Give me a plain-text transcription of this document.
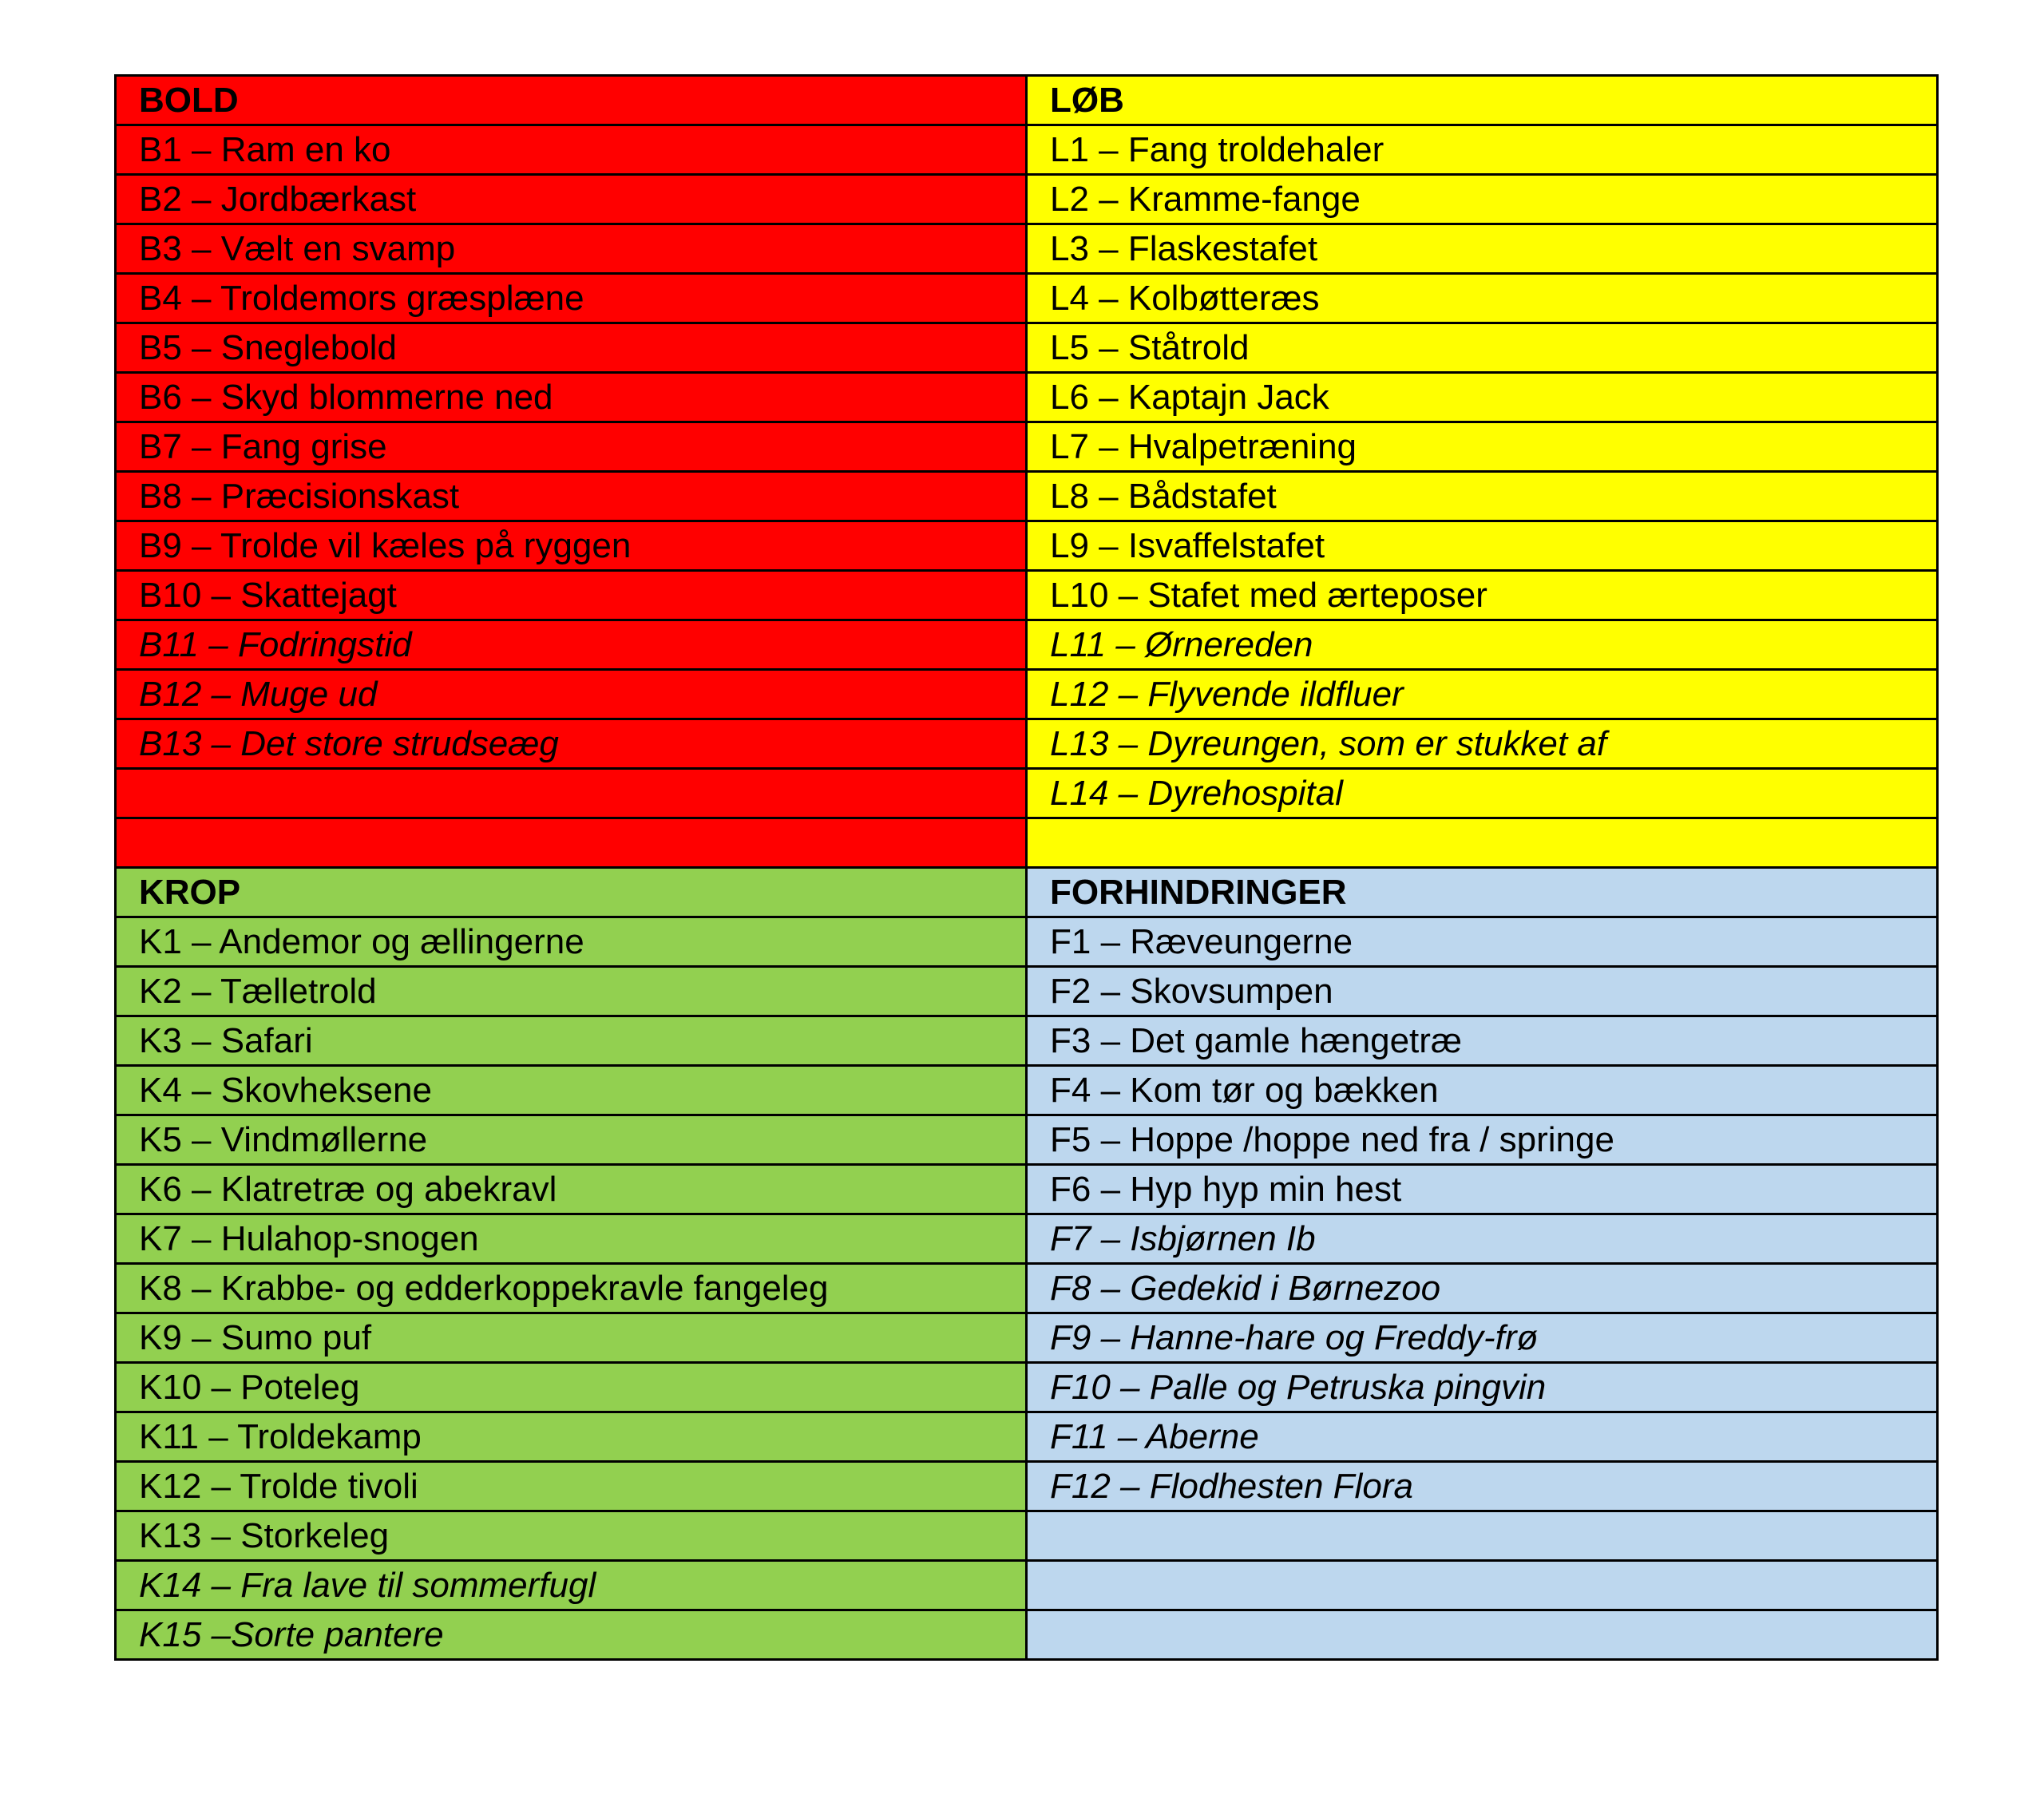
BOLD	LØB
B1 – Ram en ko	L1 – Fang troldehaler
B2 – Jordbærkast	L2 – Kramme-fange
B3 – Vælt en svamp	L3 – Flaskestafet
B4 – Troldemors græsplæne	L4 – Kolbøtteræs
B5 – Sneglebold	L5 – Ståtrold
B6 – Skyd blommerne ned	L6 – Kaptajn Jack
B7 – Fang grise	L7 – Hvalpetræning
B8 – Præcisionskast	L8 – Bådstafet
B9 – Trolde vil kæles på ryggen	L9 – Isvaffelstafet
B10 – Skattejagt	L10 – Stafet med ærteposer
B11 – Fodringstid	L11 – Ørnereden
B12 – Muge ud	L12 – Flyvende ildfluer
B13 – Det store strudseæg	L13 – Dyreungen, som er stukket af
	L14 – Dyrehospital

KROP	FORHINDRINGER
K1 – Andemor og ællingerne	F1 – Ræveungerne
K2 – Tælletrold	F2 – Skovsumpen
K3 – Safari	F3 – Det gamle hængetræ
K4 – Skovheksene	F4 – Kom tør og bækken
K5 – Vindmøllerne	F5 – Hoppe /hoppe ned fra / springe
K6 – Klatretræ og abekravl	F6 – Hyp hyp min hest
K7 – Hulahop-snogen	F7 – Isbjørnen Ib
K8 – Krabbe- og edderkoppekravle fangeleg	F8 – Gedekid i Børnezoo
K9 – Sumo puf	F9 – Hanne-hare og Freddy-frø
K10 – Poteleg	F10 – Palle og Petruska pingvin
K11 – Troldekamp	F11 – Aberne
K12 – Trolde tivoli	F12 – Flodhesten Flora
K13 – Storkeleg	
K14 – Fra lave til sommerfugl	
K15 –Sorte pantere	
